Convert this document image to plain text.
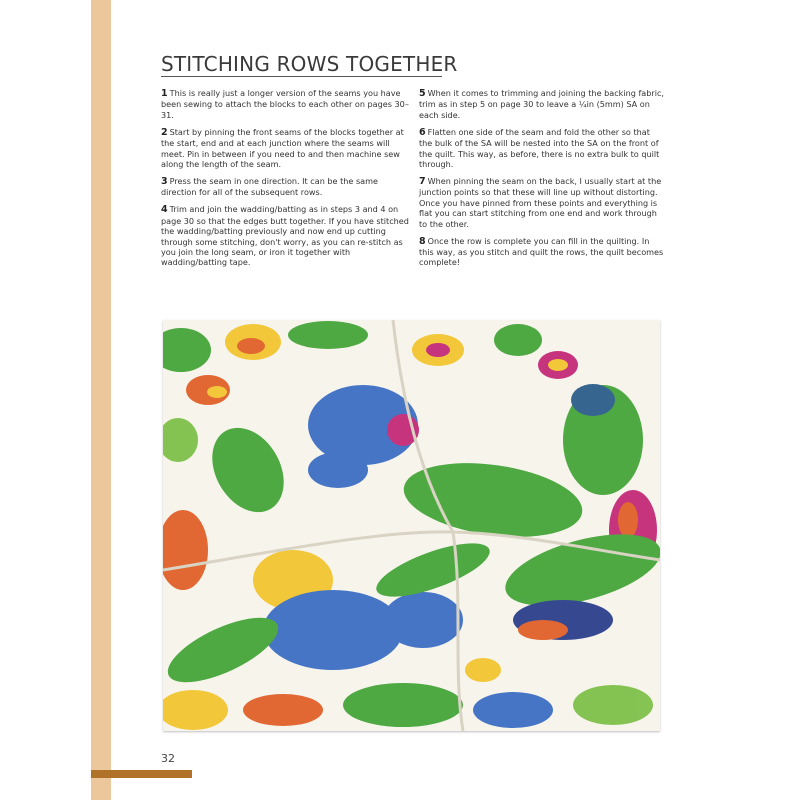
STITCHING ROWS TOGETHER

1 This is really just a longer version of the seams you have been sewing to attach the blocks to each other on pages 30–31.

2 Start by pinning the front seams of the blocks together at the start, end and at each junction where the seams will meet. Pin in between if you need to and then machine sew along the length of the seam.

3 Press the seam in one direction. It can be the same direction for all of the subsequent rows.

4 Trim and join the wadding/batting as in steps 3 and 4 on page 30 so that the edges butt together. If you have stitched the wadding/batting previously and now end up cutting through some stitching, don't worry, as you can re-stitch as you join the long seam, or iron it together with wadding/batting tape.

5 When it comes to trimming and joining the backing fabric, trim as in step 5 on page 30 to leave a ¼in (5mm) SA on each side.

6 Flatten one side of the seam and fold the other so that the bulk of the SA will be nested into the SA on the front of the quilt. This way, as before, there is no extra bulk to quilt through.

7 When pinning the seam on the back, I usually start at the junction points so that these will line up without distorting. Once you have pinned from these points and everything is flat you can start stitching from one end and work through to the other.

8 Once the row is complete you can fill in the quilting. In this way, as you stitch and quilt the rows, the quilt becomes complete!

32
